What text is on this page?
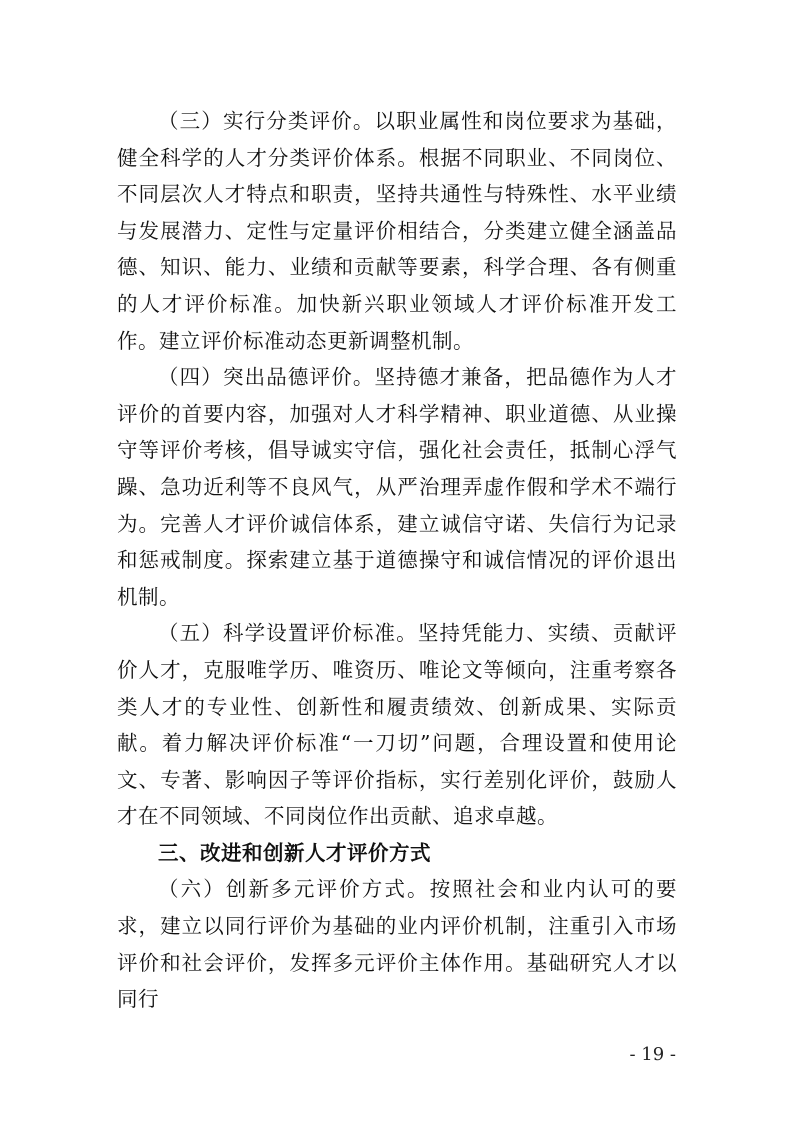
（三）实行分类评价。以职业属性和岗位要求为基础，健全科学的人才分类评价体系。根据不同职业、不同岗位、不同层次人才特点和职责，坚持共通性与特殊性、水平业绩与发展潜力、定性与定量评价相结合，分类建立健全涵盖品德、知识、能力、业绩和贡献等要素，科学合理、各有侧重的人才评价标准。加快新兴职业领域人才评价标准开发工作。建立评价标准动态更新调整机制。

（四）突出品德评价。坚持德才兼备，把品德作为人才评价的首要内容，加强对人才科学精神、职业道德、从业操守等评价考核，倡导诚实守信，强化社会责任，抵制心浮气躁、急功近利等不良风气，从严治理弄虚作假和学术不端行为。完善人才评价诚信体系，建立诚信守诺、失信行为记录和惩戒制度。探索建立基于道德操守和诚信情况的评价退出机制。

（五）科学设置评价标准。坚持凭能力、实绩、贡献评价人才，克服唯学历、唯资历、唯论文等倾向，注重考察各类人才的专业性、创新性和履责绩效、创新成果、实际贡献。着力解决评价标准“一刀切”问题，合理设置和使用论文、专著、影响因子等评价指标，实行差别化评价，鼓励人才在不同领域、不同岗位作出贡献、追求卓越。

三、改进和创新人才评价方式

（六）创新多元评价方式。按照社会和业内认可的要求，建立以同行评价为基础的业内评价机制，注重引入市场评价和社会评价，发挥多元评价主体作用。基础研究人才以同行

- 19 -
